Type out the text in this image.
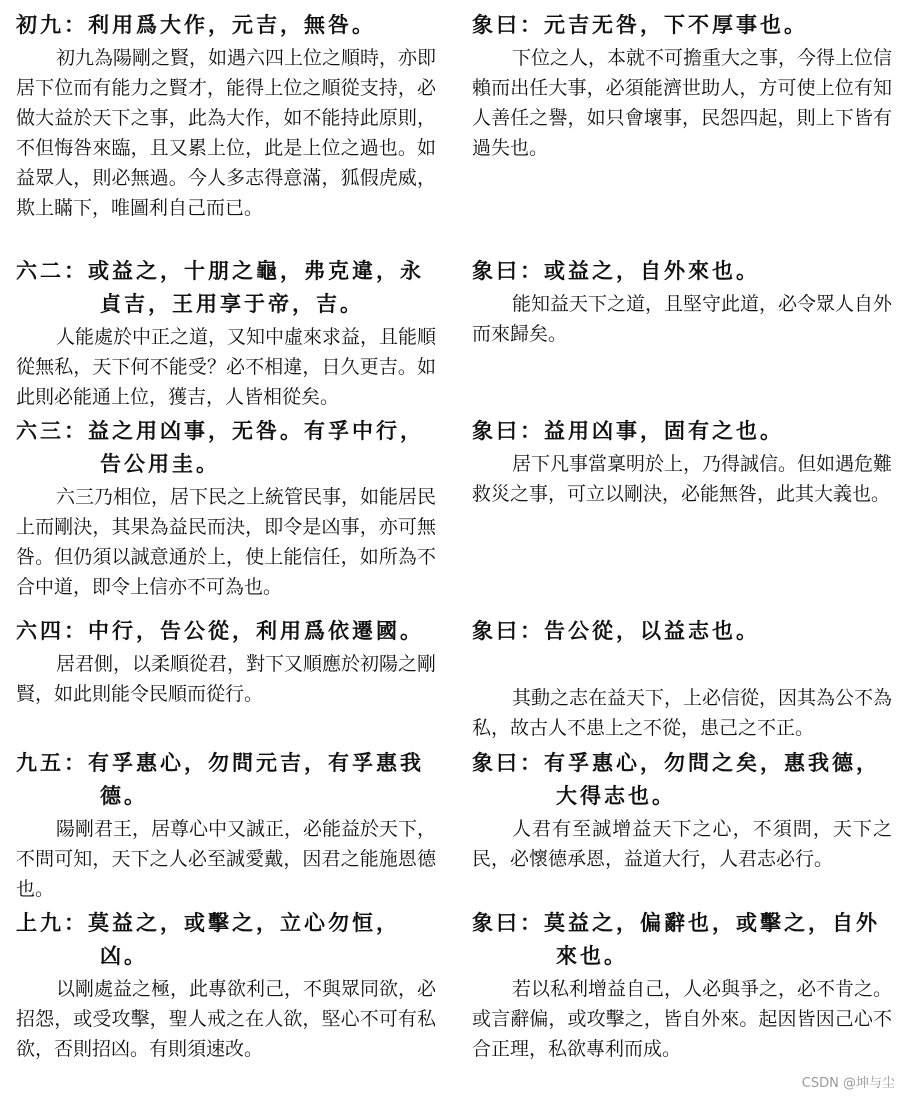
初九：利用爲大作，元吉，無咎。
初九為陽剛之賢，如遇六四上位之順時，亦即居下位而有能力之賢才，能得上位之順從支持，必做大益於天下之事，此為大作，如不能持此原則，不但悔咎來臨，且又累上位，此是上位之過也。如益眾人，則必無過。今人多志得意滿，狐假虎威，欺上瞞下，唯圖利自己而已。
六二：或益之，十朋之龜，弗克違，永貞吉，王用享于帝，吉。
人能處於中正之道，又知中虛來求益，且能順從無私，天下何不能受？必不相違，日久更吉。如此則必能通上位，獲吉，人皆相從矣。
六三：益之用凶事，无咎。有孚中行，告公用圭。
六三乃相位，居下民之上統管民事，如能居民上而剛決，其果為益民而決，即令是凶事，亦可無咎。但仍須以誠意通於上，使上能信任，如所為不合中道，即令上信亦不可為也。
六四：中行，告公從，利用爲依遷國。
居君側，以柔順從君，對下又順應於初陽之剛賢，如此則能令民順而從行。
九五：有孚惠心，勿問元吉，有孚惠我德。
陽剛君王，居尊心中又誠正，必能益於天下，不問可知，天下之人必至誠愛戴，因君之能施恩德也。
上九：莫益之，或擊之，立心勿恒，凶。
以剛處益之極，此專欲利己，不與眾同欲，必招怨，或受攻擊，聖人戒之在人欲，堅心不可有私欲，否則招凶。有則須速改。
象曰：元吉无咎，下不厚事也。
下位之人，本就不可擔重大之事，今得上位信賴而出任大事，必須能濟世助人，方可使上位有知人善任之譽，如只會壞事，民怨四起，則上下皆有過失也。
象曰：或益之，自外來也。
能知益天下之道，且堅守此道，必令眾人自外而來歸矣。
象曰：益用凶事，固有之也。
居下凡事當稟明於上，乃得誠信。但如遇危難救災之事，可立以剛決，必能無咎，此其大義也。
象曰：告公從，以益志也。
其動之志在益天下，上必信從，因其為公不為私，故古人不患上之不從，患己之不正。
象曰：有孚惠心，勿問之矣，惠我德，大得志也。
人君有至誠增益天下之心，不須問，天下之民，必懷德承恩，益道大行，人君志必行。
象曰：莫益之，偏辭也，或擊之，自外來也。
若以私利增益自己，人必與爭之，必不肯之。或言辭偏，或攻擊之，皆自外來。起因皆因己心不合正理，私欲專利而成。
CSDN @坤与尘
